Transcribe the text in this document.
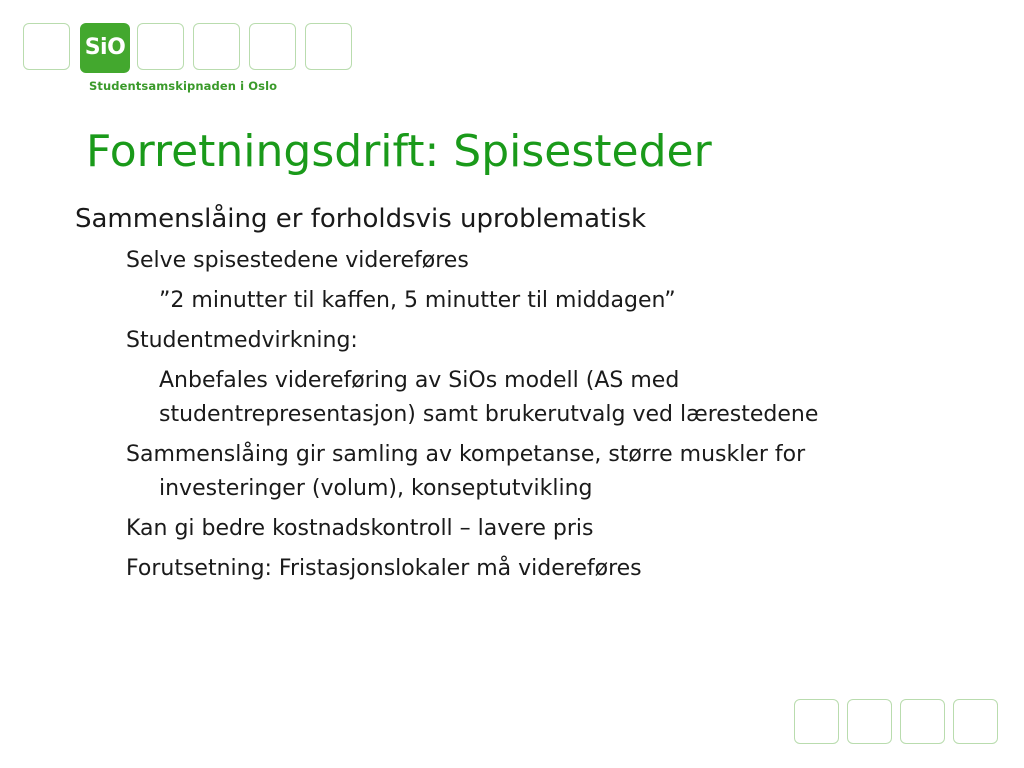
SiO
Studentsamskipnaden i Oslo
Forretningsdrift: Spisesteder
Sammenslåing er forholdsvis uproblematisk
Selve spisestedene videreføres
”2 minutter til kaffen, 5 minutter til middagen”
Studentmedvirkning:
Anbefales videreføring av SiOs modell (AS med studentrepresentasjon) samt brukerutvalg ved lærestedene
Sammenslåing gir samling av kompetanse, større muskler for investeringer (volum), konseptutvikling
Kan gi bedre kostnadskontroll – lavere pris
Forutsetning: Fristasjonslokaler må videreføres
